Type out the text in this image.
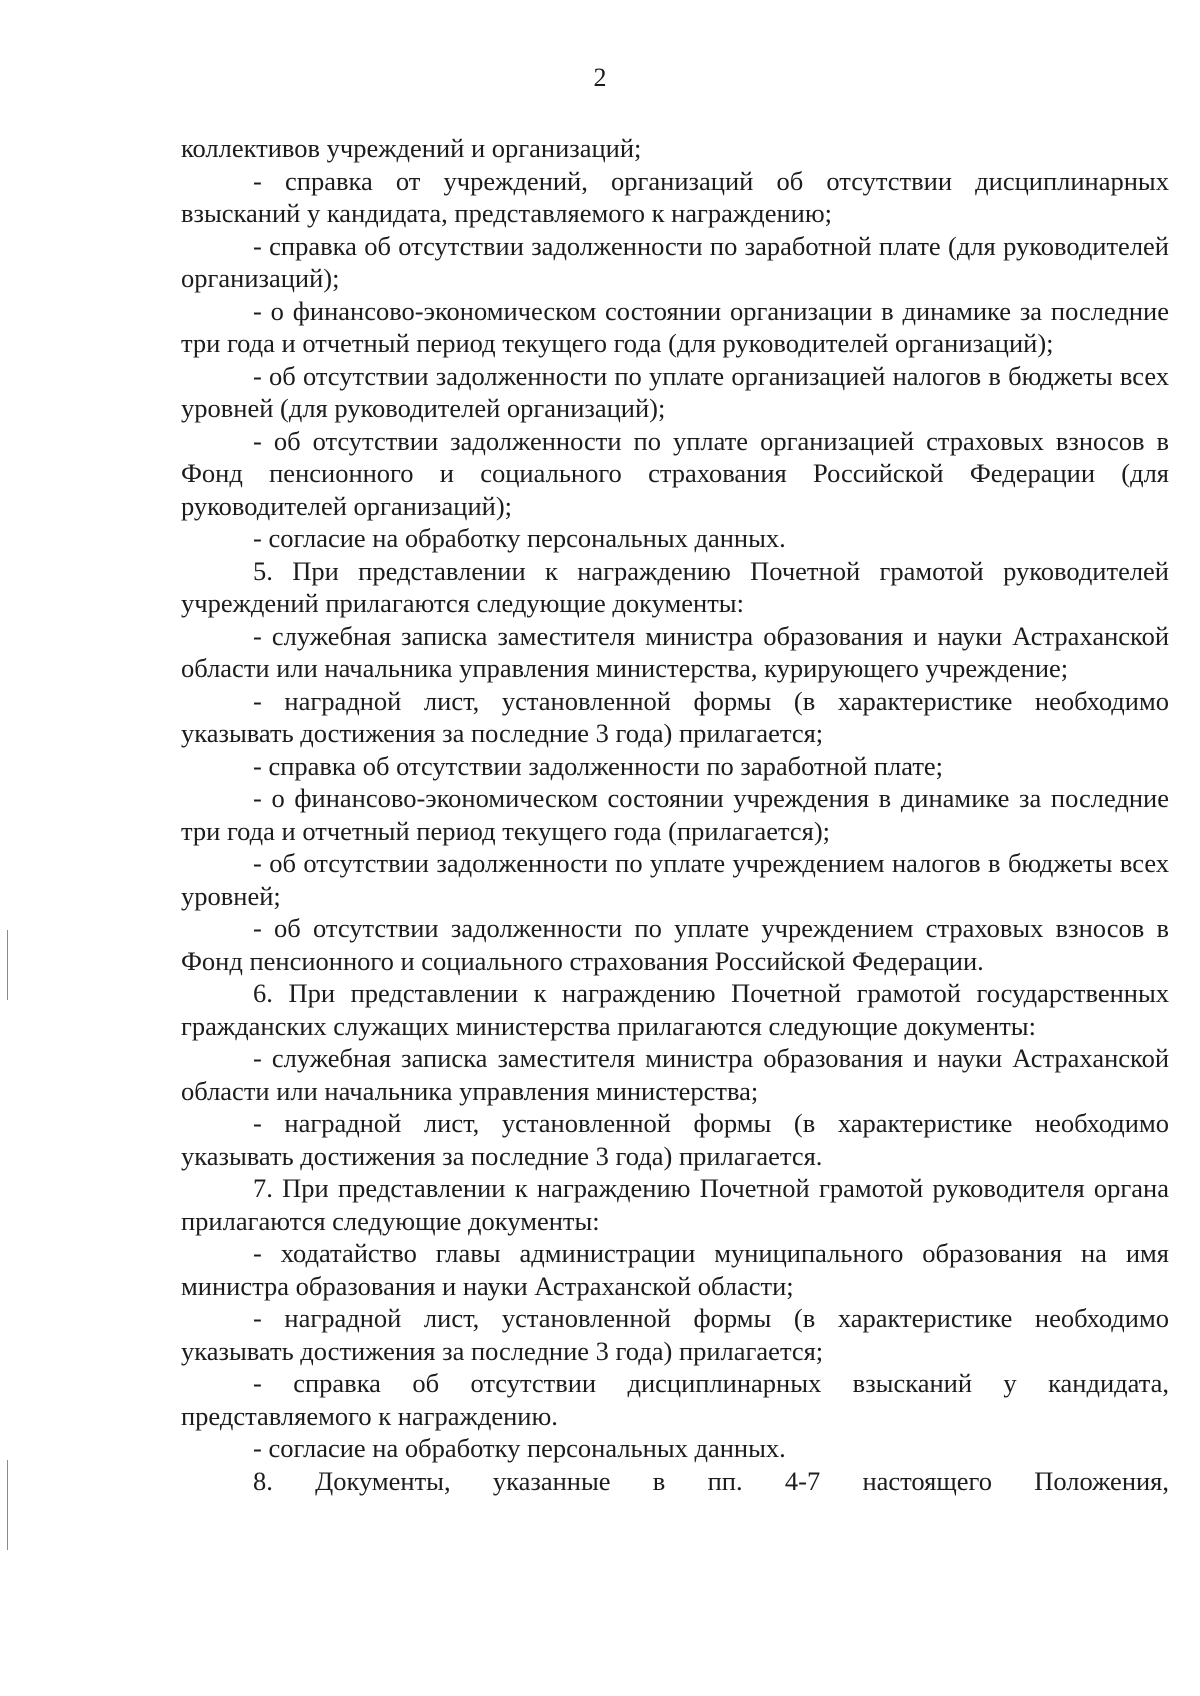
2

коллективов учреждений и организаций;

- справка от учреждений, организаций об отсутствии дисциплинарных взысканий у кандидата, представляемого к награждению;

- справка об отсутствии задолженности по заработной плате (для руководителей организаций);

- о финансово-экономическом состоянии организации в динамике за последние три года и отчетный период текущего года (для руководителей организаций);

- об отсутствии задолженности по уплате организацией налогов в бюджеты всех уровней (для руководителей организаций);

- об отсутствии задолженности по уплате организацией страховых взносов в Фонд пенсионного и социального страхования Российской Федерации (для руководителей организаций);

- согласие на обработку персональных данных.

5. При представлении к награждению Почетной грамотой руководителей учреждений прилагаются следующие документы:

- служебная записка заместителя министра образования и науки Астраханской области или начальника управления министерства, курирующего учреждение;

- наградной лист, установленной формы (в характеристике необходимо указывать достижения за последние 3 года) прилагается;

- справка об отсутствии задолженности по заработной плате;

- о финансово-экономическом состоянии учреждения в динамике за последние три года и отчетный период текущего года (прилагается);

- об отсутствии задолженности по уплате учреждением налогов в бюджеты всех уровней;

- об отсутствии задолженности по уплате учреждением страховых взносов в Фонд пенсионного и социального страхования Российской Федерации.

6. При представлении к награждению Почетной грамотой государственных гражданских служащих министерства прилагаются следующие документы:

- служебная записка заместителя министра образования и науки Астраханской области или начальника управления министерства;

- наградной лист, установленной формы (в характеристике необходимо указывать достижения за последние 3 года) прилагается.

7. При представлении к награждению Почетной грамотой руководителя органа прилагаются следующие документы:

- ходатайство главы администрации муниципального образования на имя министра образования и науки Астраханской области;

- наградной лист, установленной формы (в характеристике необходимо указывать достижения за последние 3 года) прилагается;

- справка об отсутствии дисциплинарных взысканий у кандидата, представляемого к награждению.

- согласие на обработку персональных данных.

8. Документы, указанные в пп. 4-7 настоящего Положения,
